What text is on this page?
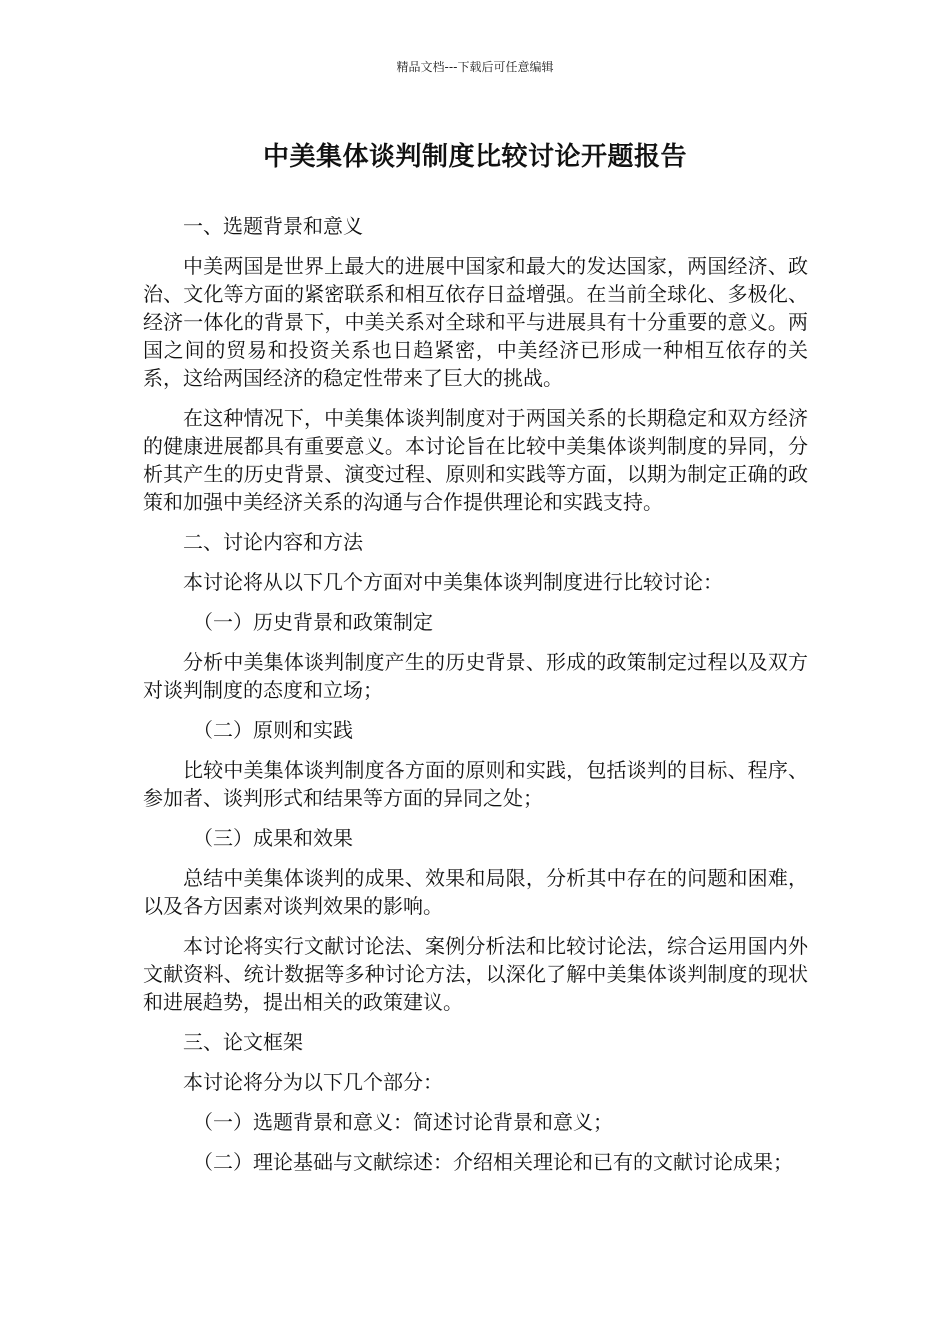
精品文档---下载后可任意编辑
中美集体谈判制度比较讨论开题报告

一、选题背景和意义

中美两国是世界上最大的进展中国家和最大的发达国家，两国经济、政治、文化等方面的紧密联系和相互依存日益增强。在当前全球化、多极化、经济一体化的背景下，中美关系对全球和平与进展具有十分重要的意义。两国之间的贸易和投资关系也日趋紧密，中美经济已形成一种相互依存的关系，这给两国经济的稳定性带来了巨大的挑战。

在这种情况下，中美集体谈判制度对于两国关系的长期稳定和双方经济的健康进展都具有重要意义。本讨论旨在比较中美集体谈判制度的异同，分析其产生的历史背景、演变过程、原则和实践等方面，以期为制定正确的政策和加强中美经济关系的沟通与合作提供理论和实践支持。

二、讨论内容和方法

本讨论将从以下几个方面对中美集体谈判制度进行比较讨论：

（一）历史背景和政策制定

分析中美集体谈判制度产生的历史背景、形成的政策制定过程以及双方对谈判制度的态度和立场；

（二）原则和实践

比较中美集体谈判制度各方面的原则和实践，包括谈判的目标、程序、参加者、谈判形式和结果等方面的异同之处；

（三）成果和效果

总结中美集体谈判的成果、效果和局限，分析其中存在的问题和困难，以及各方因素对谈判效果的影响。

本讨论将实行文献讨论法、案例分析法和比较讨论法，综合运用国内外文献资料、统计数据等多种讨论方法，以深化了解中美集体谈判制度的现状和进展趋势，提出相关的政策建议。

三、论文框架

本讨论将分为以下几个部分：

（一）选题背景和意义：简述讨论背景和意义；

（二）理论基础与文献综述：介绍相关理论和已有的文献讨论成果；
